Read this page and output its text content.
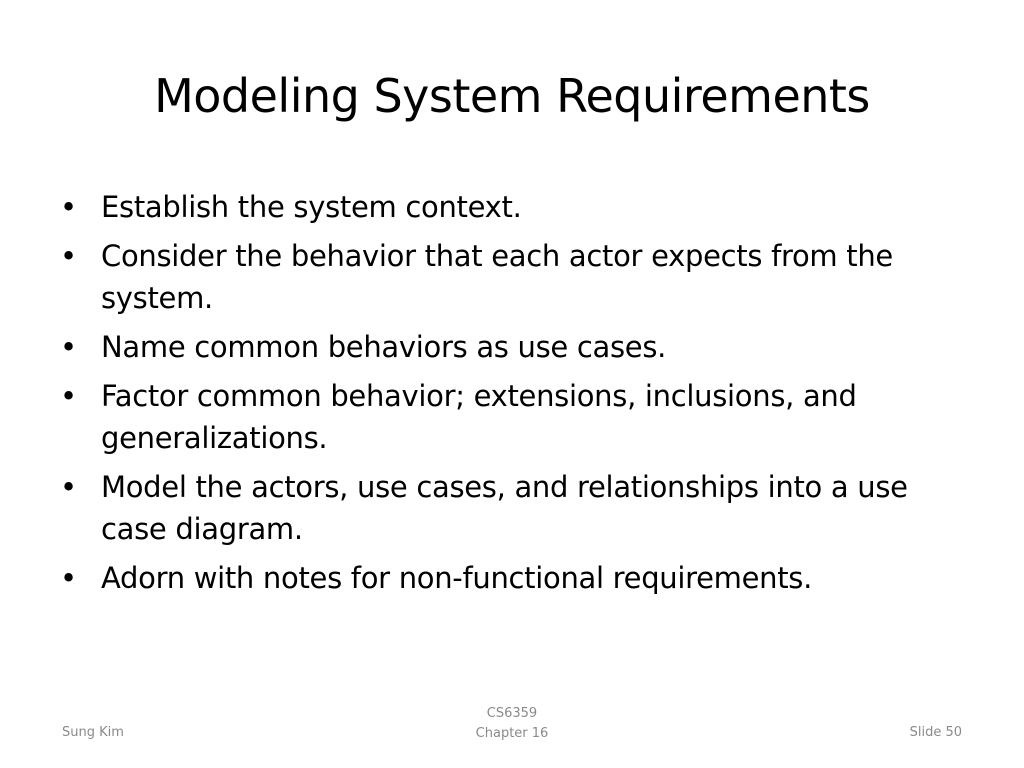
Modeling System Requirements
• Establish the system context.
• Consider the behavior that each actor expects from the system.
• Name common behaviors as use cases.
• Factor common behavior; extensions, inclusions, and generalizations.
• Model the actors, use cases, and relationships into a use case diagram.
• Adorn with notes for non-functional requirements.
Sung Kim
CS6359
Chapter 16	Slide 50
